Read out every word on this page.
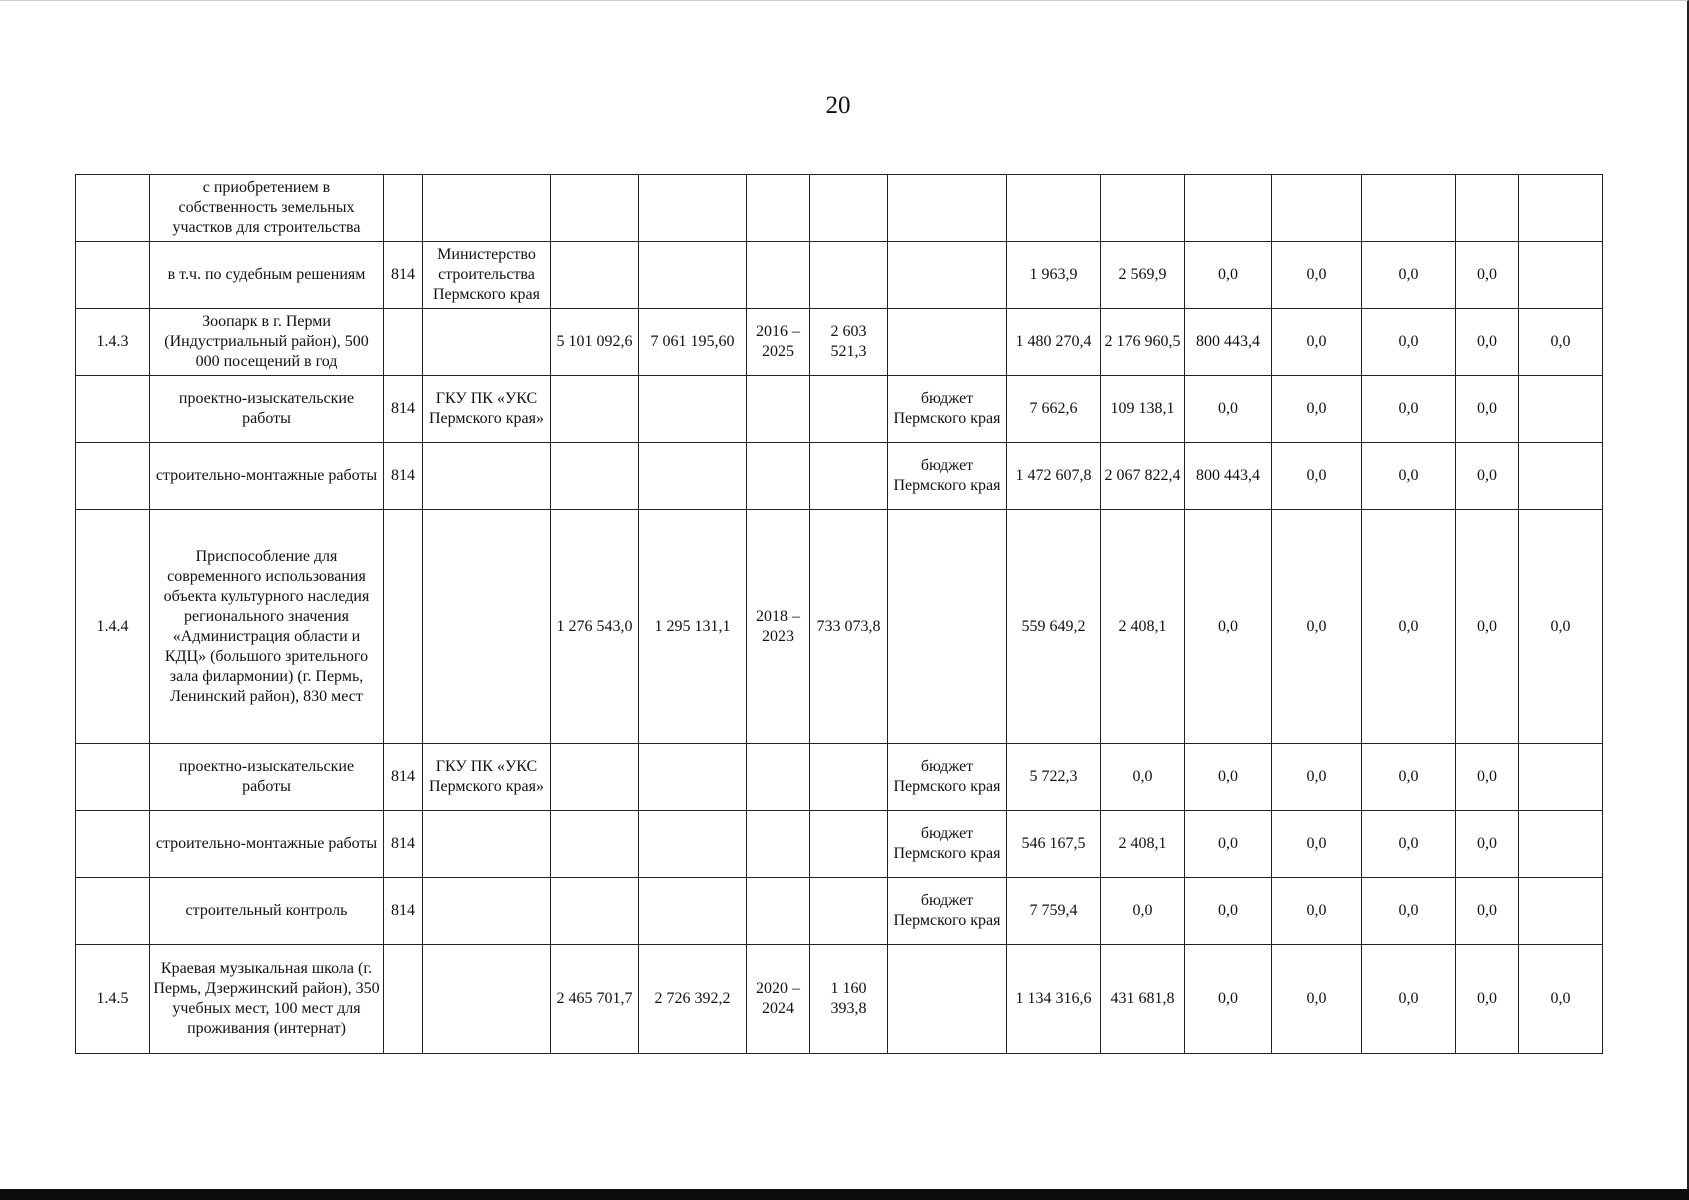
20
	с приобретением в собственность земельных участков для строительства														
	в т.ч. по судебным решениям	814	Министерство строительства Пермского края						1 963,9	2 569,9	0,0	0,0	0,0	0,0	
1.4.3	Зоопарк в г. Перми (Индустриальный район), 500 000 посещений в год			5 101 092,6	7 061 195,60	2016 – 2025	2 603 521,3		1 480 270,4	2 176 960,5	800 443,4	0,0	0,0	0,0	0,0
	проектно-изыскательские работы	814	ГКУ ПК «УКС Пермского края»					бюджет Пермского края	7 662,6	109 138,1	0,0	0,0	0,0	0,0	
	строительно-монтажные работы	814						бюджет Пермского края	1 472 607,8	2 067 822,4	800 443,4	0,0	0,0	0,0	
1.4.4	Приспособление для современного использования объекта культурного наследия регионального значения «Администрация области и КДЦ» (большого зрительного зала филармонии) (г. Пермь, Ленинский район), 830 мест			1 276 543,0	1 295 131,1	2018 – 2023	733 073,8		559 649,2	2 408,1	0,0	0,0	0,0	0,0	0,0
	проектно-изыскательские работы	814	ГКУ ПК «УКС Пермского края»					бюджет Пермского края	5 722,3	0,0	0,0	0,0	0,0	0,0	
	строительно-монтажные работы	814						бюджет Пермского края	546 167,5	2 408,1	0,0	0,0	0,0	0,0	
	строительный контроль	814						бюджет Пермского края	7 759,4	0,0	0,0	0,0	0,0	0,0	
1.4.5	Краевая музыкальная школа (г. Пермь, Дзержинский район), 350 учебных мест, 100 мест для проживания (интернат)			2 465 701,7	2 726 392,2	2020 – 2024	1 160 393,8		1 134 316,6	431 681,8	0,0	0,0	0,0	0,0	0,0
